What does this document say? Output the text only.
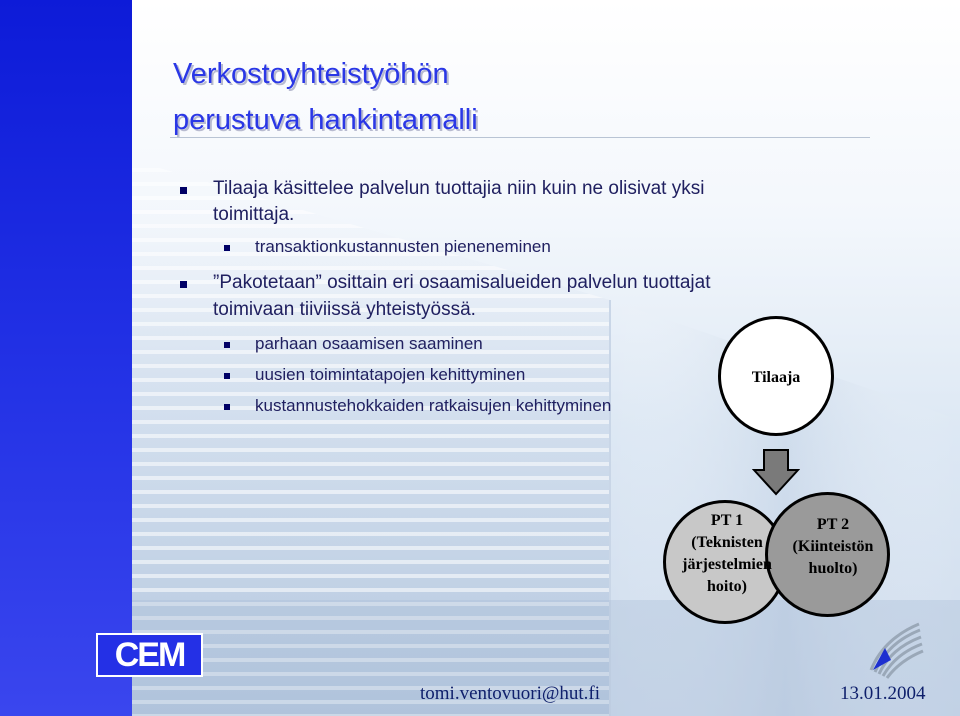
Verkostoyhteistyöhön
perustuva hankintamalli
Tilaaja käsittelee palvelun tuottajia niin kuin ne olisivat yksi
toimittaja.
transaktionkustannusten pieneneminen
”Pakotetaan” osittain eri osaamisalueiden palvelun tuottajat
toimivaan tiiviissä yhteistyössä.
parhaan osaamisen saaminen
uusien toimintatapojen kehittyminen
kustannustehokkaiden ratkaisujen kehittyminen
Tilaaja
PT 1
(Teknisten
järjestelmien
hoito)
PT 2
(Kiinteistön
huolto)
CEM
tomi.ventovuori@hut.fi	13.01.2004
